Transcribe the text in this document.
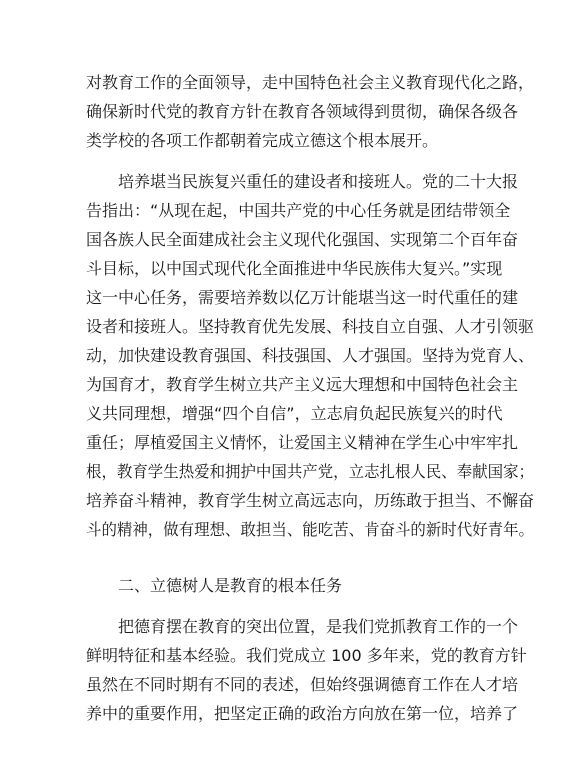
对教育工作的全面领导，走中国特色社会主义教育现代化之路，
确保新时代党的教育方针在教育各领域得到贯彻，确保各级各
类学校的各项工作都朝着完成立德这个根本展开。
培养堪当民族复兴重任的建设者和接班人。党的二十大报
告指出：“从现在起，中国共产党的中心任务就是团结带领全
国各族人民全面建成社会主义现代化强国、实现第二个百年奋
斗目标，以中国式现代化全面推进中华民族伟大复兴。”实现
这一中心任务，需要培养数以亿万计能堪当这一时代重任的建
设者和接班人。坚持教育优先发展、科技自立自强、人才引领驱
动，加快建设教育强国、科技强国、人才强国。坚持为党育人、
为国育才，教育学生树立共产主义远大理想和中国特色社会主
义共同理想，增强“四个自信”，立志肩负起民族复兴的时代
重任；厚植爱国主义情怀，让爱国主义精神在学生心中牢牢扎
根，教育学生热爱和拥护中国共产党，立志扎根人民、奉献国家；
培养奋斗精神，教育学生树立高远志向，历练敢于担当、不懈奋
斗的精神，做有理想、敢担当、能吃苦、肯奋斗的新时代好青年。
二、立德树人是教育的根本任务
把德育摆在教育的突出位置，是我们党抓教育工作的一个
鲜明特征和基本经验。我们党成立 100 多年来，党的教育方针
虽然在不同时期有不同的表述，但始终强调德育工作在人才培
养中的重要作用，把坚定正确的政治方向放在第一位，培养了
